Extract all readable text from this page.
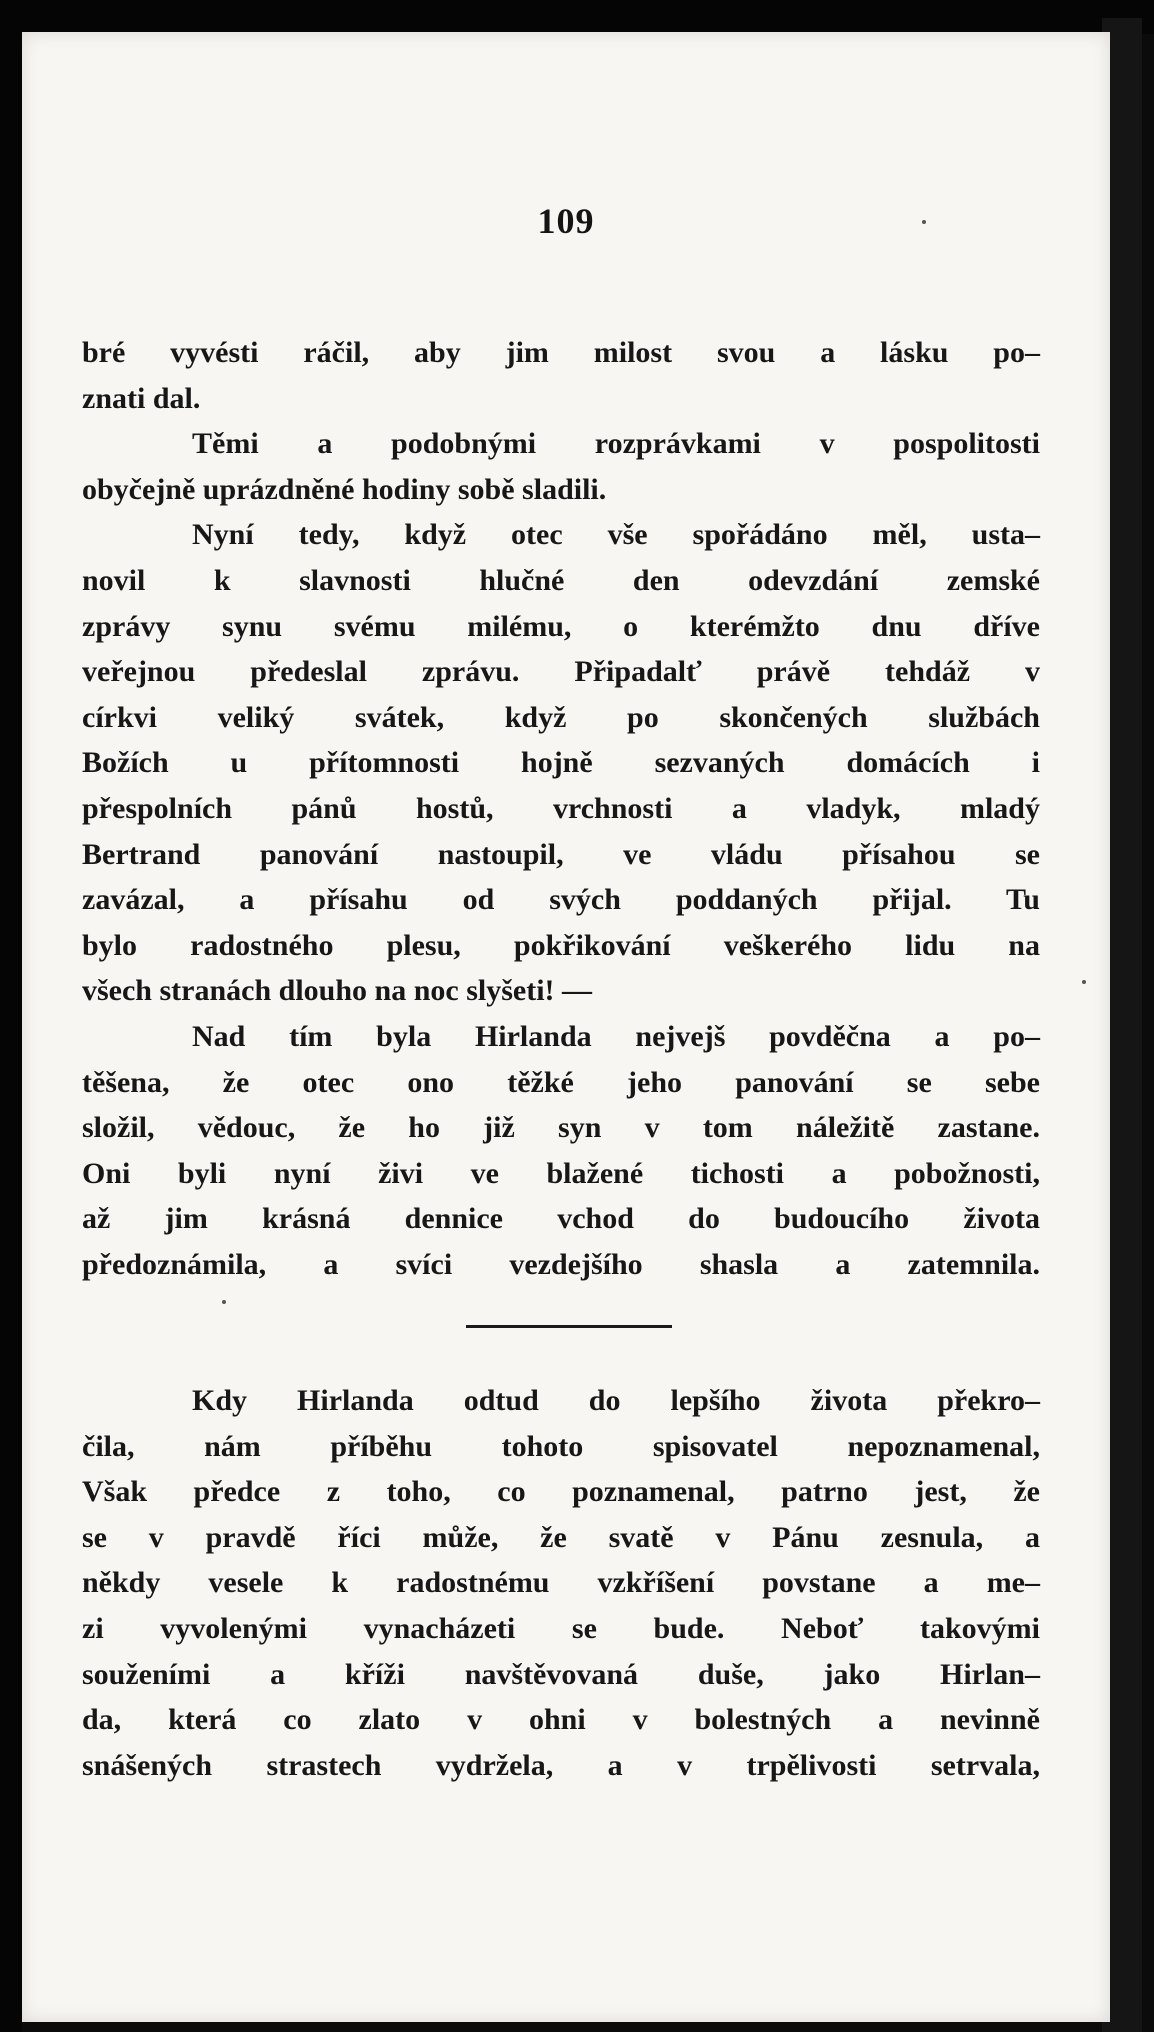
109
bré vyvésti ráčil, aby jim milost svou a lásku po–
znati dal.
Těmi a podobnými rozprávkami v pospolitosti
obyčejně uprázdněné hodiny sobě sladili.
Nyní tedy, když otec vše spořádáno měl, usta–
novil k slavnosti hlučné den odevzdání zemské
zprávy synu svému milému, o kterémžto dnu dříve
veřejnou předeslal zprávu. Připadalť právě tehdáž v
církvi veliký svátek, když po skončených službách
Božích u přítomnosti hojně sezvaných domácích i
přespolních pánů hostů, vrchnosti a vladyk, mladý
Bertrand panování nastoupil, ve vládu přísahou se
zavázal, a přísahu od svých poddaných přijal. Tu
bylo radostného plesu, pokřikování veškerého lidu na
všech stranách dlouho na noc slyšeti! —
Nad tím byla Hirlanda nejvejš povděčna a po–
těšena, že otec ono těžké jeho panování se sebe
složil, vědouc, že ho již syn v tom náležitě zastane.
Oni byli nyní živi ve blažené tichosti a pobožnosti,
až jim krásná dennice vchod do budoucího života
předoznámila, a svíci vezdejšího shasla a zatemnila.
Kdy Hirlanda odtud do lepšího života překro–
čila, nám příběhu tohoto spisovatel nepoznamenal,
Však předce z toho, co poznamenal, patrno jest, že
se v pravdě říci může, že svatě v Pánu zesnula, a
někdy vesele k radostnému vzkříšení povstane a me–
zi vyvolenými vynacházeti se bude. Neboť takovými
souženími a kříži navštěvovaná duše, jako Hirlan–
da, která co zlato v ohni v bolestných a nevinně
snášených strastech vydržela, a v trpělivosti setrvala,
